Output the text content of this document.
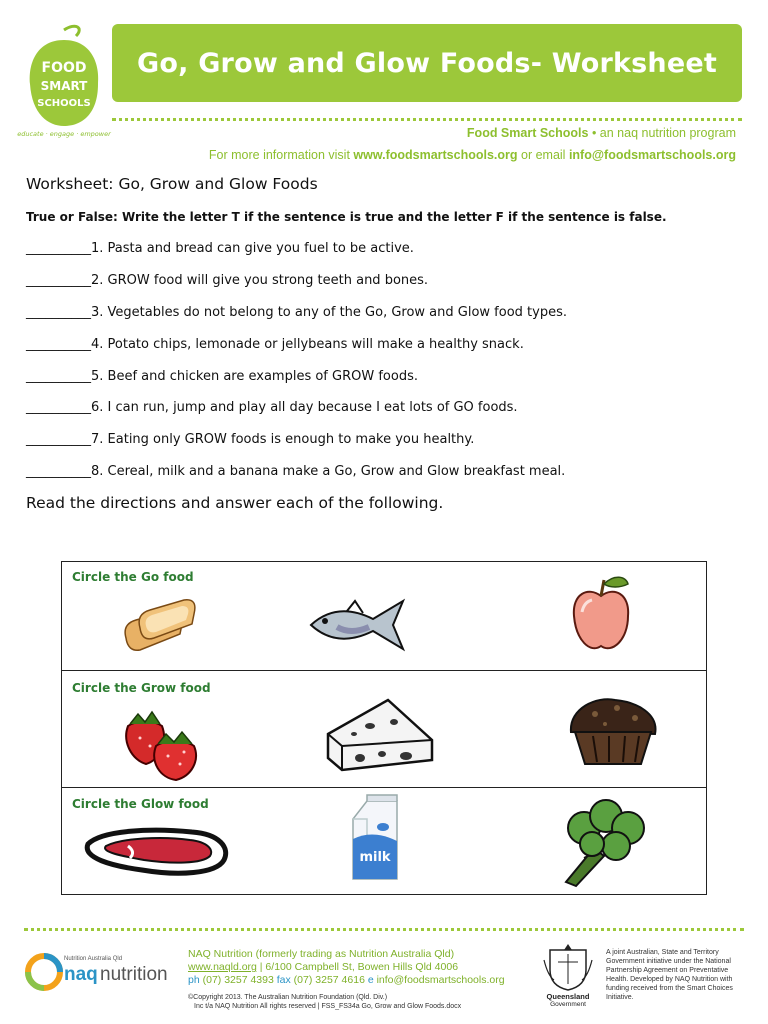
FOOD
SMART
SCHOOLS
educate · engage · empower
Go, Grow and Glow Foods- Worksheet
Food Smart Schools • an naq nutrition program
For more information visit www.foodsmartschools.org or email info@foodsmartschools.org
Worksheet: Go, Grow and Glow Foods
True or False: Write the letter T if the sentence is true and the letter F if the sentence is false.
__________1. Pasta and bread can give you fuel to be active.
__________2. GROW food will give you strong teeth and bones.
__________3. Vegetables do not belong to any of the Go, Grow and Glow food types.
__________4. Potato chips, lemonade or jellybeans will make a healthy snack.
__________5. Beef and chicken are examples of GROW foods.
__________6. I can run, jump and play all day because I eat lots of GO foods.
__________7. Eating only GROW foods is enough to make you healthy.
__________8. Cereal, milk and a banana make a Go, Grow and Glow breakfast meal.
Read the directions and answer each of the following.
Circle the Go food
Circle the Grow food
Circle the Glow food
milk
Nutrition Australia Qld
naq nutrition
NAQ Nutrition (formerly trading as Nutrition Australia Qld)
www.naqld.org | 6/100 Campbell St, Bowen Hills Qld 4006
ph (07) 3257 4393 fax (07) 3257 4616 e info@foodsmartschools.org
©Copyright 2013. The Australian Nutrition Foundation (Qld. Div.)
Inc t/a NAQ Nutrition All rights reserved | FSS_FS34a Go, Grow and Glow Foods.docx
Queensland
Government
A joint Australian, State and Territory Government initiative under the National Partnership Agreement on Preventative Health. Developed by NAQ Nutrition with funding received from the Smart Choices Initiative.
